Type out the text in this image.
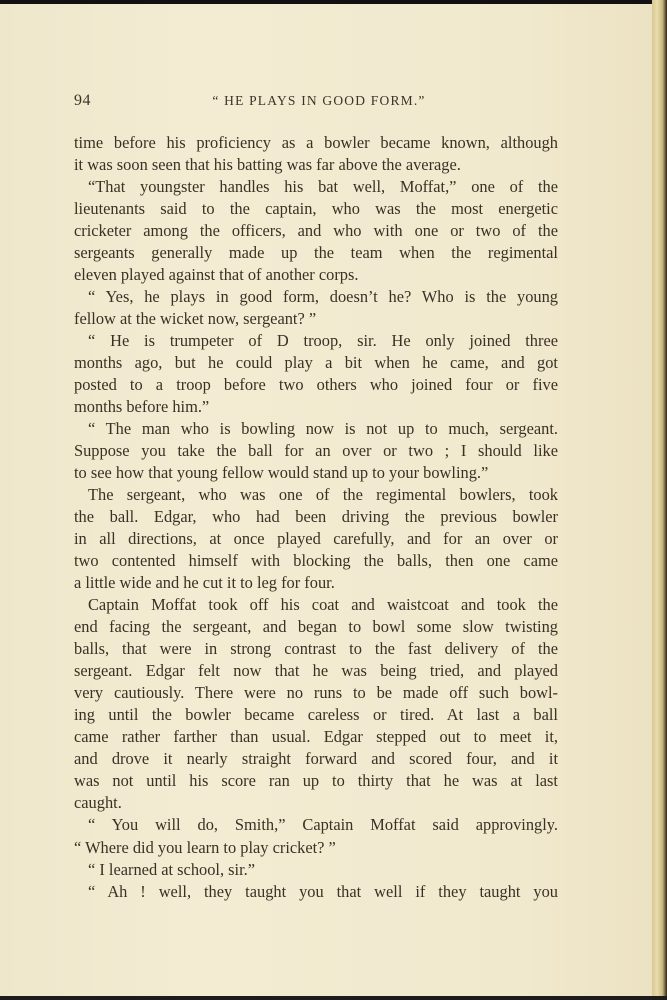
94	“ HE PLAYS IN GOOD FORM.”
time before his proficiency as a bowler became known, although
it was soon seen that his batting was far above the average.
“That youngster handles his bat well, Moffat,” one of the
lieutenants said to the captain, who was the most energetic
cricketer among the officers, and who with one or two of the
sergeants generally made up the team when the regimental
eleven played against that of another corps.
“ Yes, he plays in good form, doesn’t he? Who is the young
fellow at the wicket now, sergeant? ”
“ He is trumpeter of D troop, sir. He only joined three
months ago, but he could play a bit when he came, and got
posted to a troop before two others who joined four or five
months before him.”
“ The man who is bowling now is not up to much, sergeant.
Suppose you take the ball for an over or two ; I should like
to see how that young fellow would stand up to your bowling.”
The sergeant, who was one of the regimental bowlers, took
the ball. Edgar, who had been driving the previous bowler
in all directions, at once played carefully, and for an over or
two contented himself with blocking the balls, then one came
a little wide and he cut it to leg for four.
Captain Moffat took off his coat and waistcoat and took the
end facing the sergeant, and began to bowl some slow twisting
balls, that were in strong contrast to the fast delivery of the
sergeant. Edgar felt now that he was being tried, and played
very cautiously. There were no runs to be made off such bowl-
ing until the bowler became careless or tired. At last a ball
came rather farther than usual. Edgar stepped out to meet it,
and drove it nearly straight forward and scored four, and it
was not until his score ran up to thirty that he was at last
caught.
“ You will do, Smith,” Captain Moffat said approvingly.
“ Where did you learn to play cricket? ”
“ I learned at school, sir.”
“ Ah ! well, they taught you that well if they taught you
